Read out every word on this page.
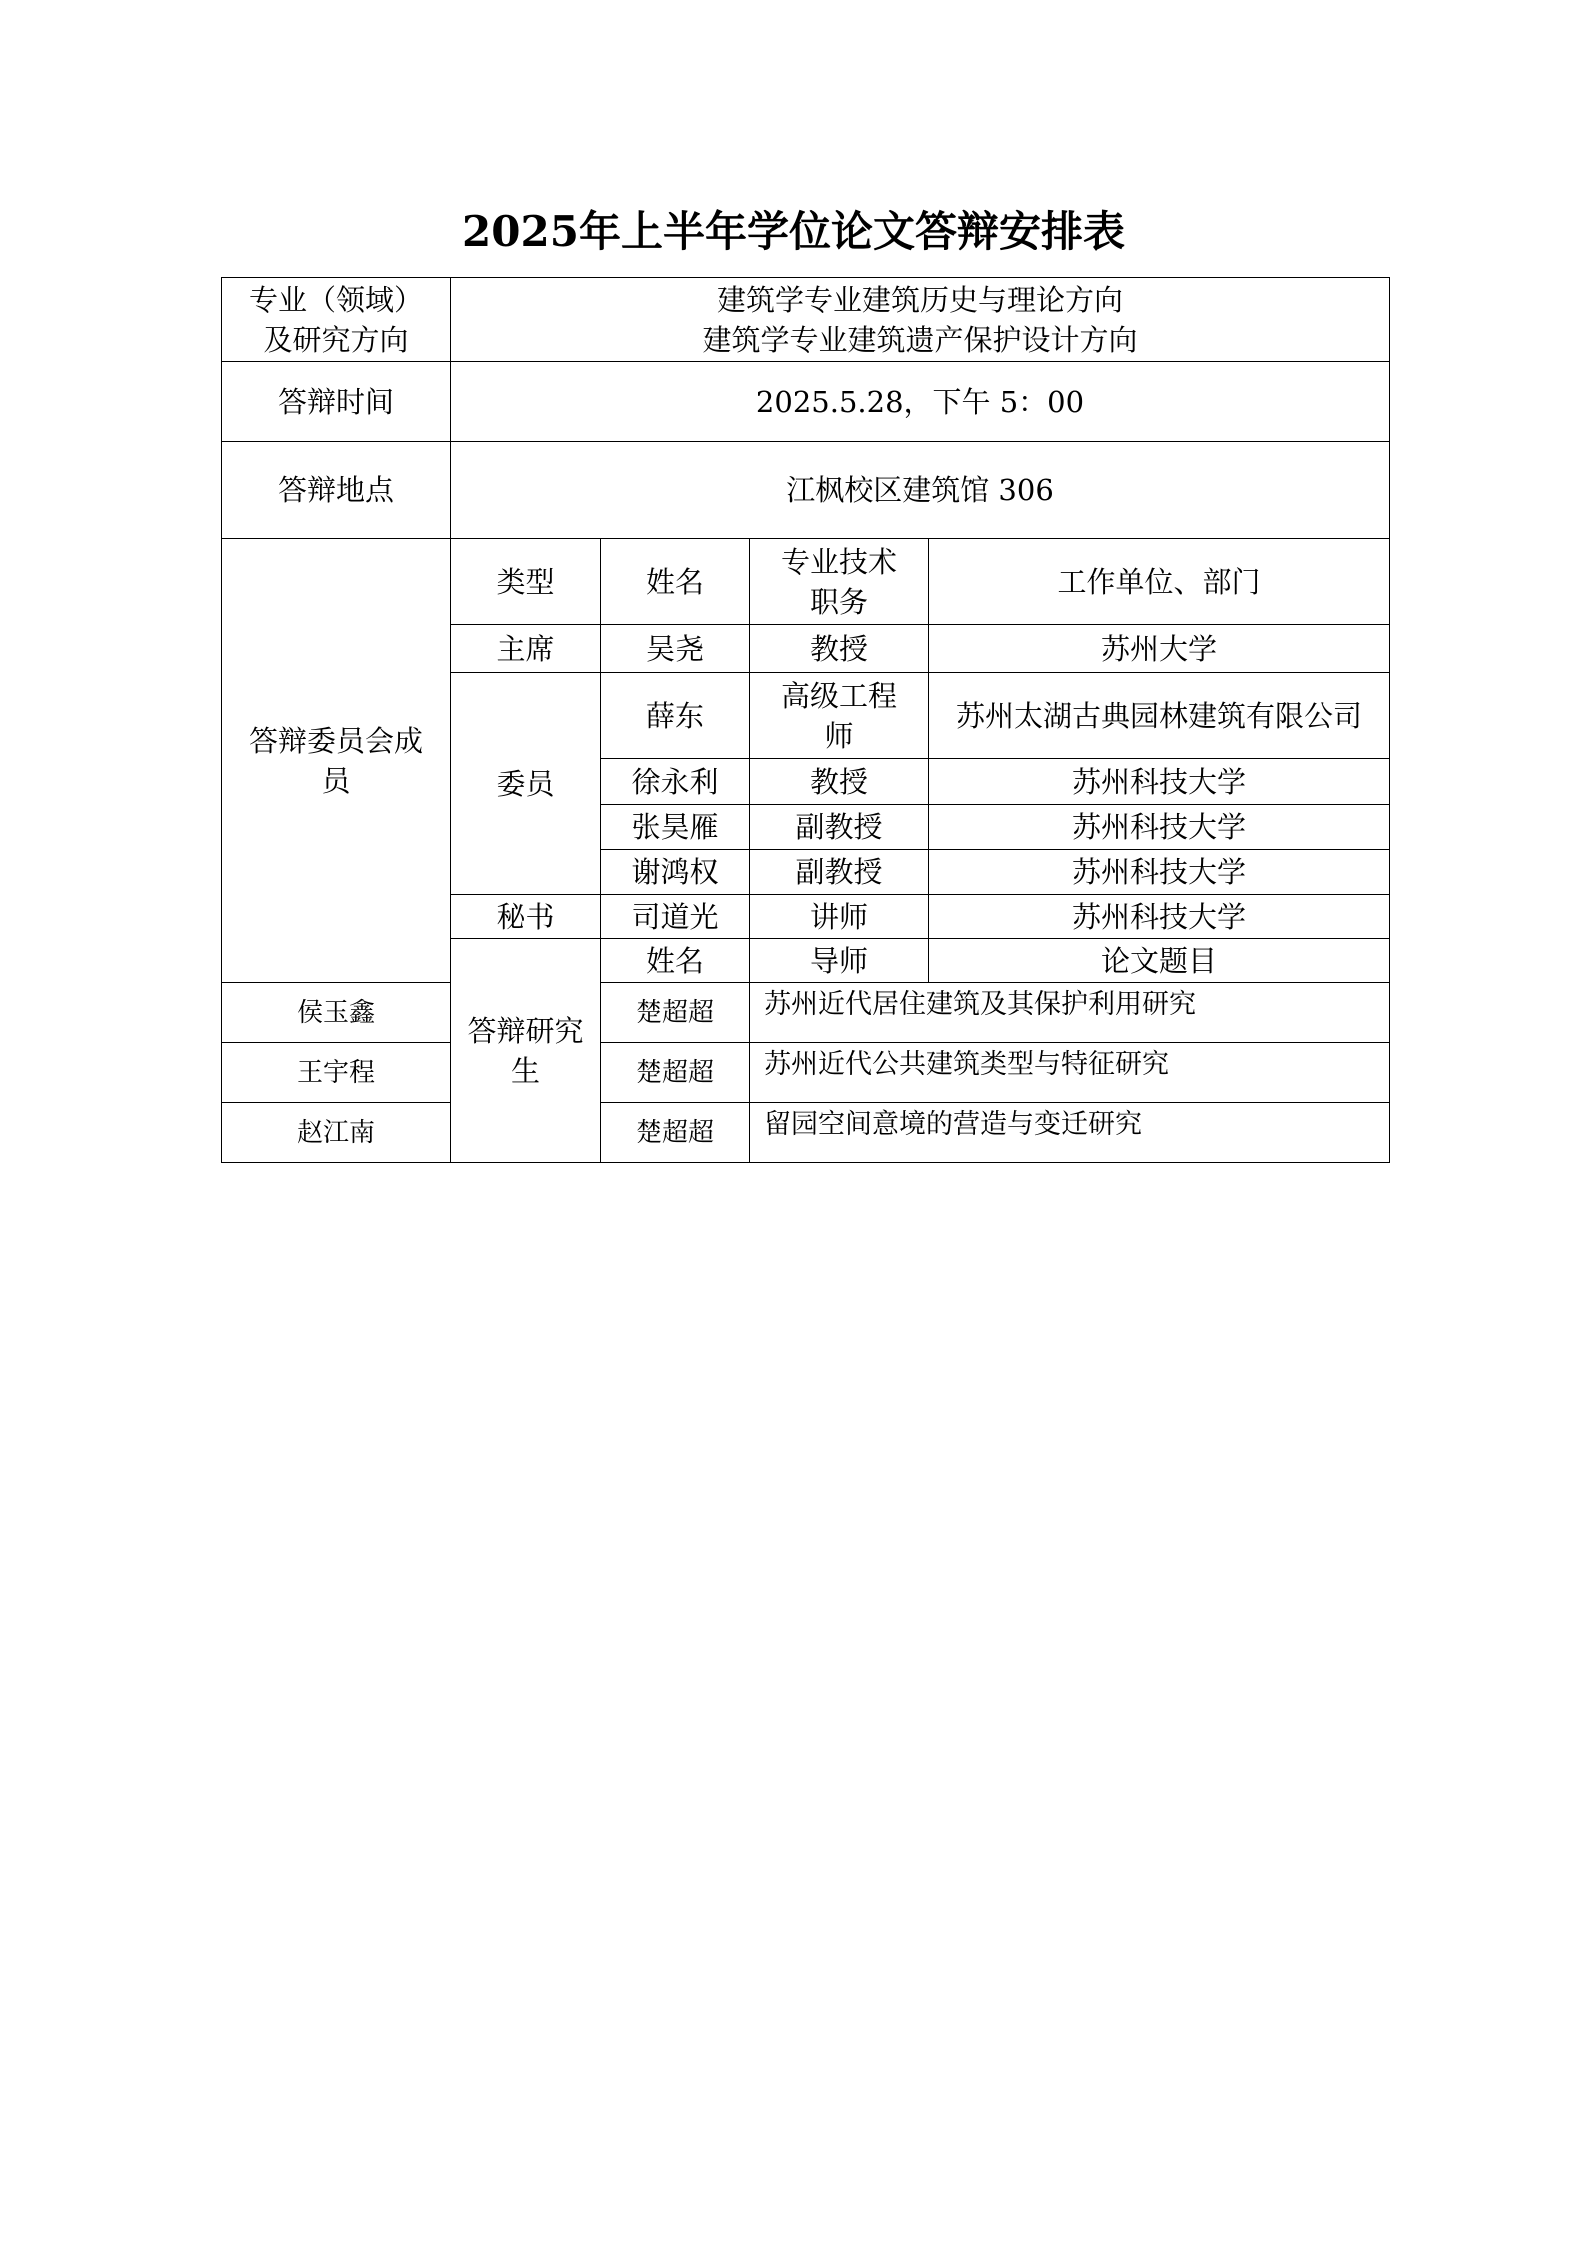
2025年上半年学位论文答辩安排表
专业（领域）
及研究方向	建筑学专业建筑历史与理论方向
建筑学专业建筑遗产保护设计方向			

答辩时间	2025.5.28，下午 5：00			
答辩地点	江枫校区建筑馆 306			

答辩委员会成员	类型	姓名	专业技术职务	工作单位、部门
	主席	吴尧	教授	苏州大学
	委员	薛东	高级工程师	苏州太湖古典园林建筑有限公司
		徐永利	教授	苏州科技大学
		张昊雁	副教授	苏州科技大学
		谢鸿权	副教授	苏州科技大学
	秘书	司道光	讲师	苏州科技大学
	答辩研究生	姓名	导师	论文题目
侯玉鑫		楚超超	苏州近代居住建筑及其保护利用研究	
王宇程		楚超超	苏州近代公共建筑类型与特征研究	
赵江南		楚超超	留园空间意境的营造与变迁研究	
